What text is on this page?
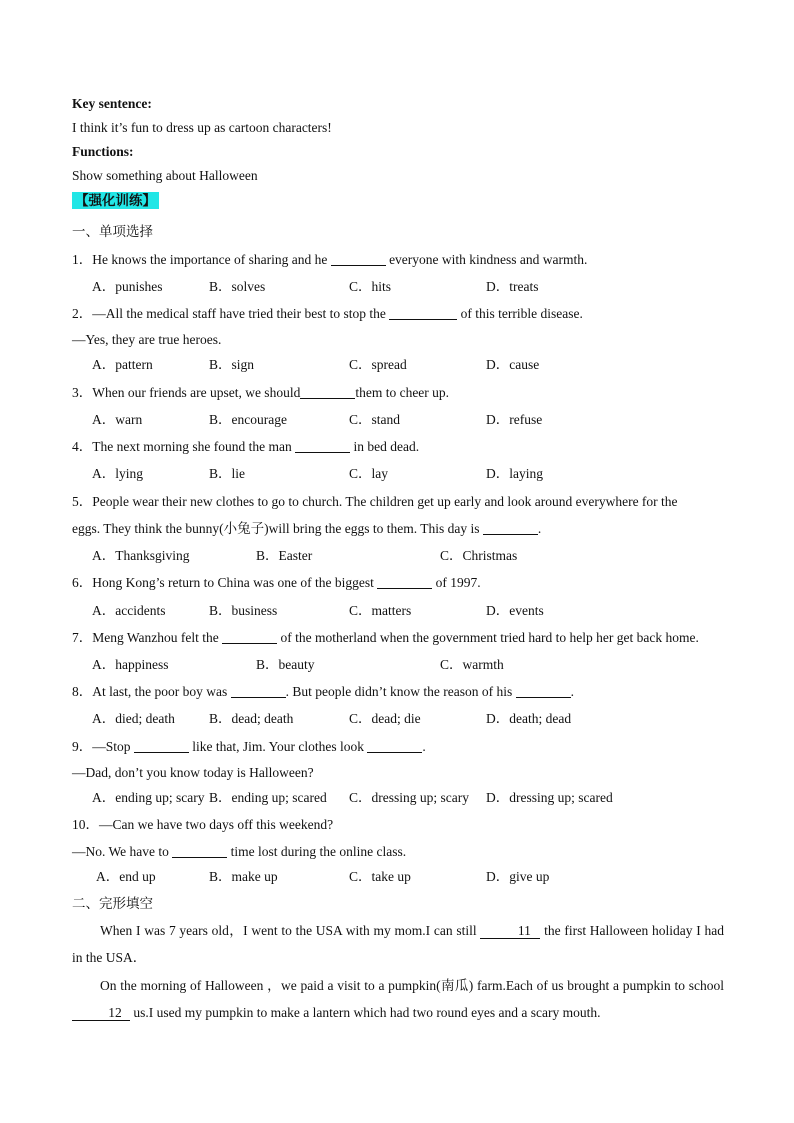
Key sentence:
I think it’s fun to dress up as cartoon characters!
Functions:
Show something about Halloween
【强化训练】
一、单项选择
1．He knows the importance of sharing and he	everyone with kindness and warmth.
A．punishes	B．solves	C．hits	D．treats
2．—All the medical staff have tried their best to stop the	of this terrible disease.
—Yes, they are true heroes.
A．pattern	B．sign	C．spread	D．cause
3．When our friends are upset, we should	them to cheer up.
A．warn	B．encourage	C．stand	D．refuse
4．The next morning she found the man	in bed dead.
A．lying	B．lie	C．lay	D．laying
5．People wear their new clothes to go to church. The children get up early and look around everywhere for the
eggs. They think the bunny(小兔子)will bring the eggs to them. This day is	.
A．Thanksgiving	B．Easter	C．Christmas
6．Hong Kong’s return to China was one of the biggest	of 1997.
A．accidents	B．business	C．matters	D．events
7．Meng Wanzhou felt the	of the motherland when the government tried hard to help her get back home.
A．happiness	B．beauty	C．warmth
8．At last, the poor boy was	. But people didn’t know the reason of his	.
A．died; death	B．dead; death	C．dead; die	D．death; dead
9．—Stop	like that, Jim. Your clothes look	.
—Dad, don’t you know today is Halloween?
A．ending up; scary B．ending up; scared C．dressing up; scary D．dressing up; scared
10．—Can we have two days off this weekend?
—No. We have to	time lost during the online class.
A．end up	B．make up	C．take up	D．give up
二、完形填空
When I was 7 years old，I went to the USA with my mom.I can still	11 the first Halloween holiday I had in the USA．
On the morning of Halloween ，we paid a visit to a pumpkin(南瓜) farm.Each of us brought a pumpkin to school 12 us.I used my pumpkin to make a lantern which had two round eyes and a scary mouth.
